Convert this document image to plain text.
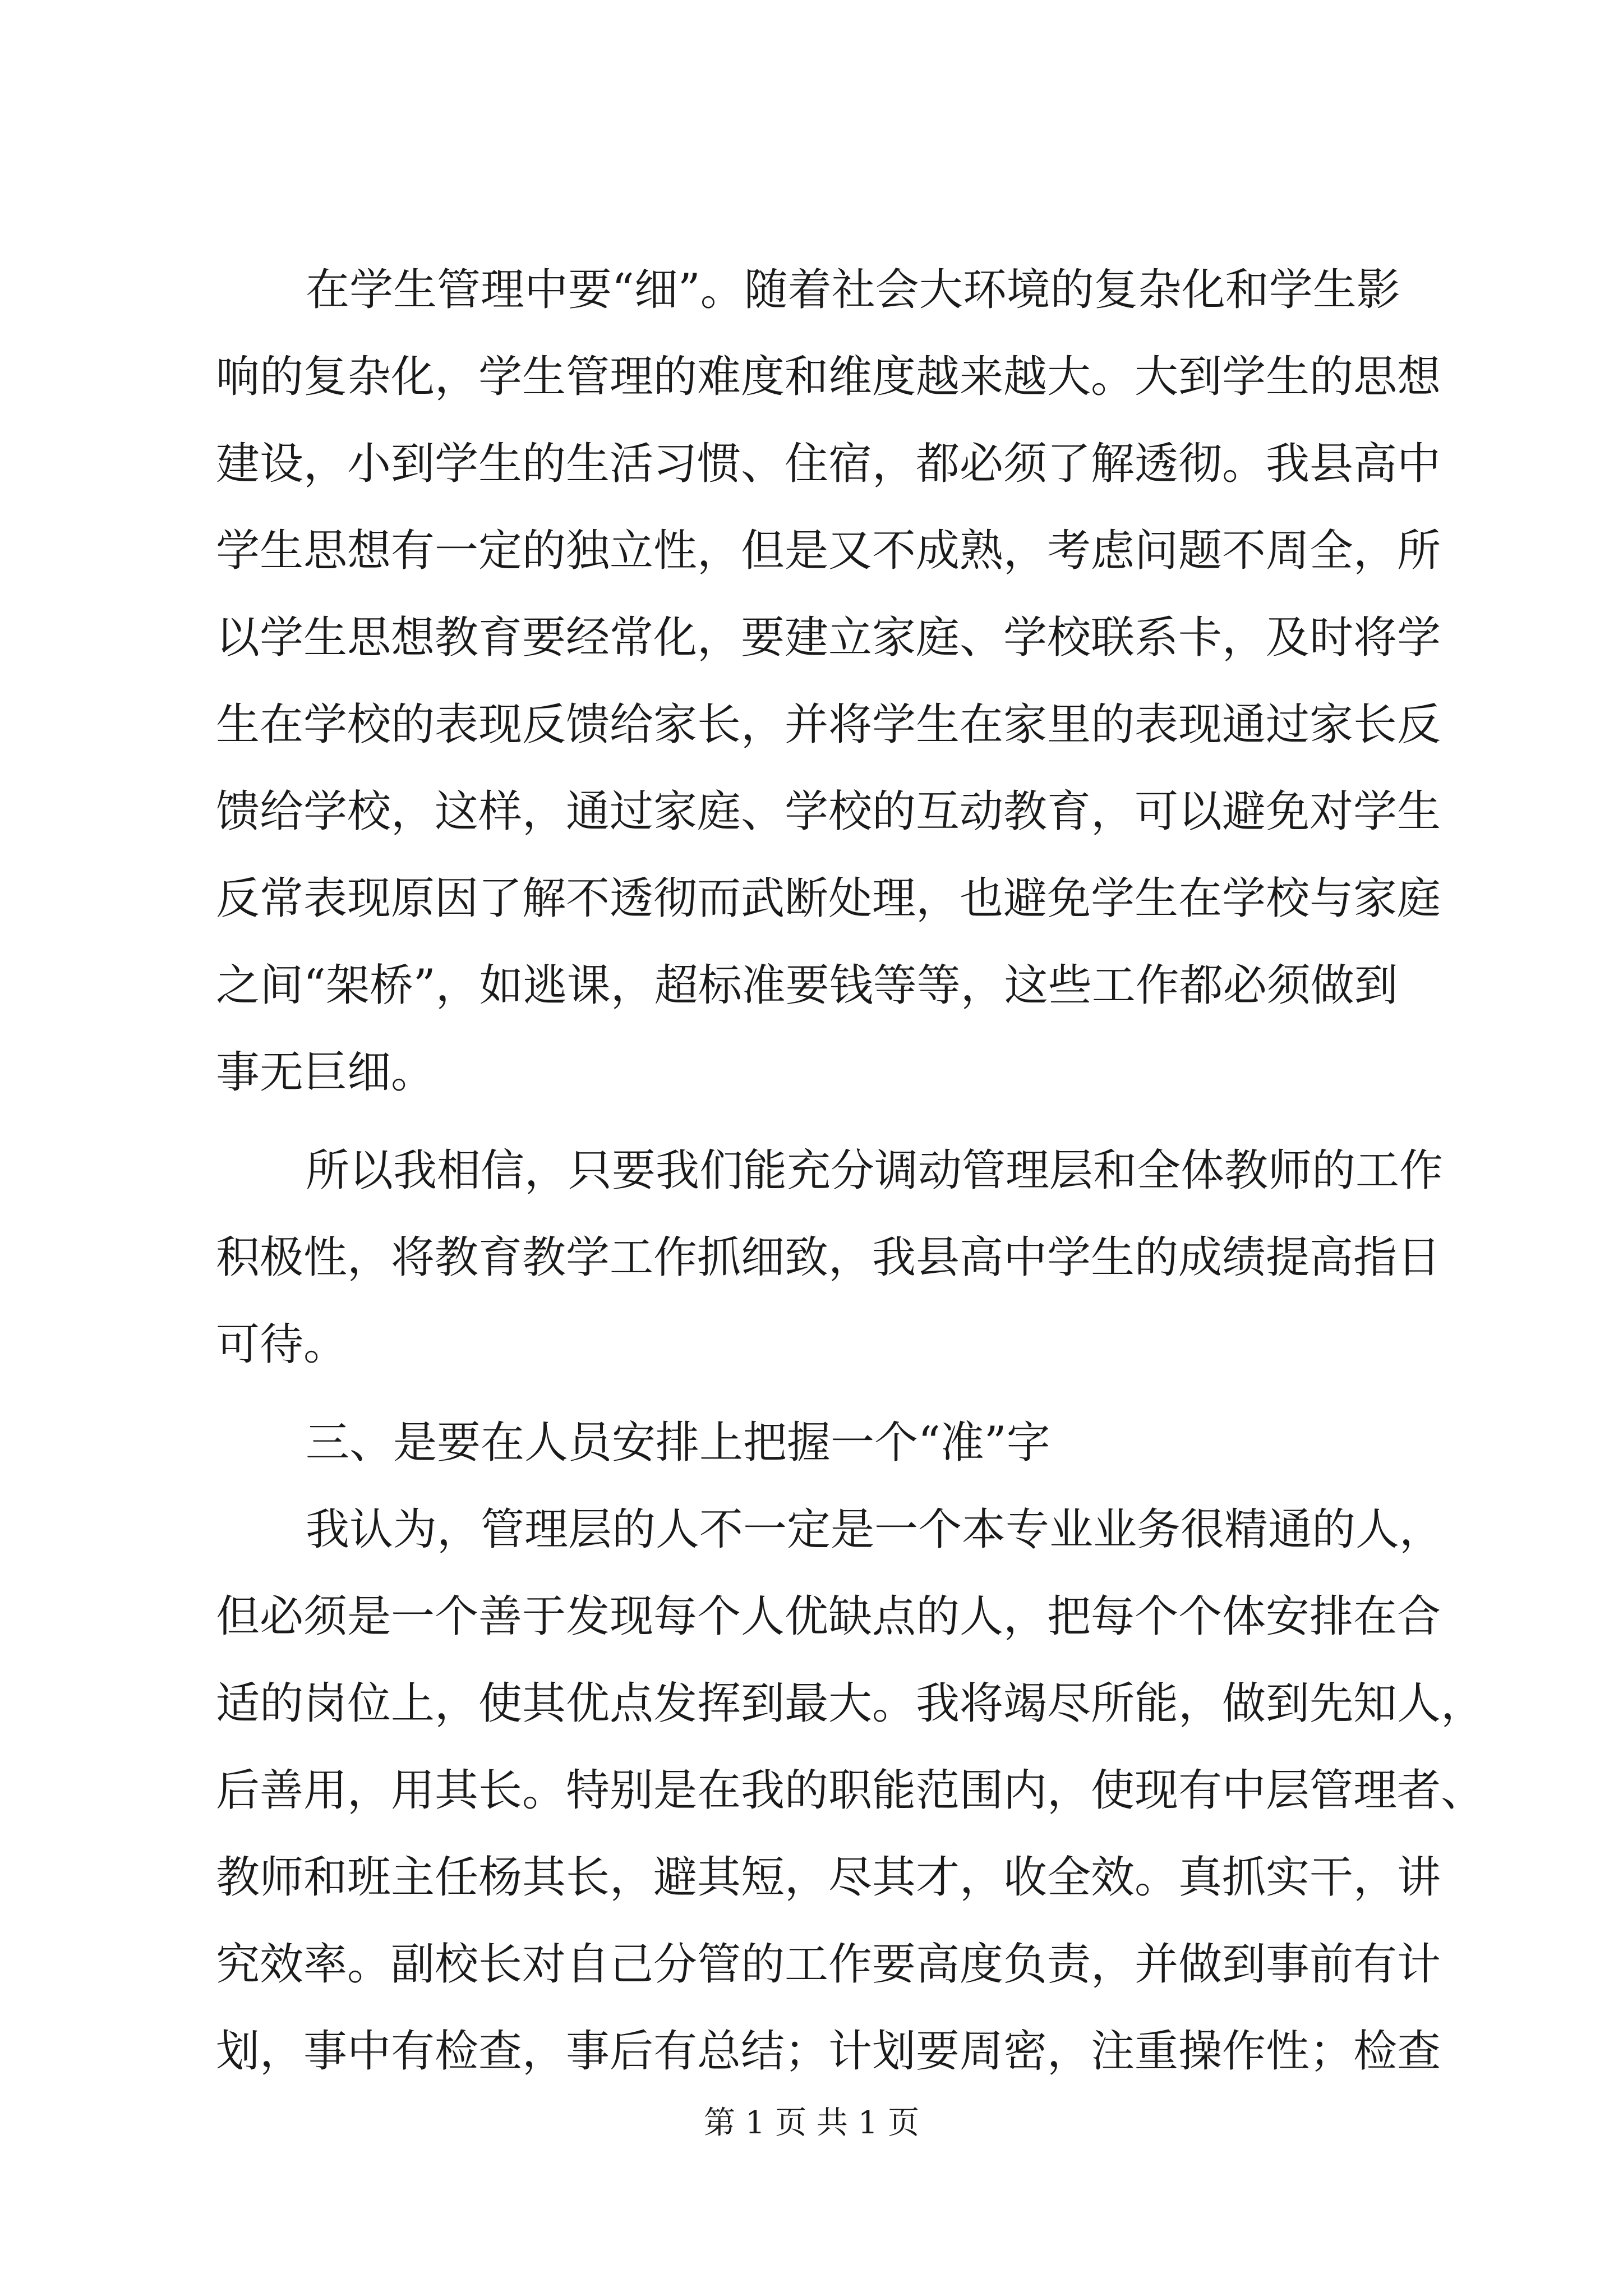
在学生管理中要“细”。随着社会大环境的复杂化和学生影
响的复杂化，学生管理的难度和维度越来越大。大到学生的思想
建设，小到学生的生活习惯、住宿，都必须了解透彻。我县高中
学生思想有一定的独立性，但是又不成熟，考虑问题不周全，所
以学生思想教育要经常化，要建立家庭、学校联系卡，及时将学
生在学校的表现反馈给家长，并将学生在家里的表现通过家长反
馈给学校，这样，通过家庭、学校的互动教育，可以避免对学生
反常表现原因了解不透彻而武断处理，也避免学生在学校与家庭
之间“架桥”，如逃课，超标准要钱等等，这些工作都必须做到
事无巨细。
所以我相信，只要我们能充分调动管理层和全体教师的工作
积极性，将教育教学工作抓细致，我县高中学生的成绩提高指日
可待。
三、是要在人员安排上把握一个“准”字
我认为，管理层的人不一定是一个本专业业务很精通的人，
但必须是一个善于发现每个人优缺点的人，把每个个体安排在合
适的岗位上，使其优点发挥到最大。我将竭尽所能，做到先知人，
后善用，用其长。特别是在我的职能范围内，使现有中层管理者、
教师和班主任杨其长，避其短，尽其才，收全效。真抓实干，讲
究效率。副校长对自己分管的工作要高度负责，并做到事前有计
划，事中有检查，事后有总结；计划要周密，注重操作性；检查
第 1 页 共 1 页
